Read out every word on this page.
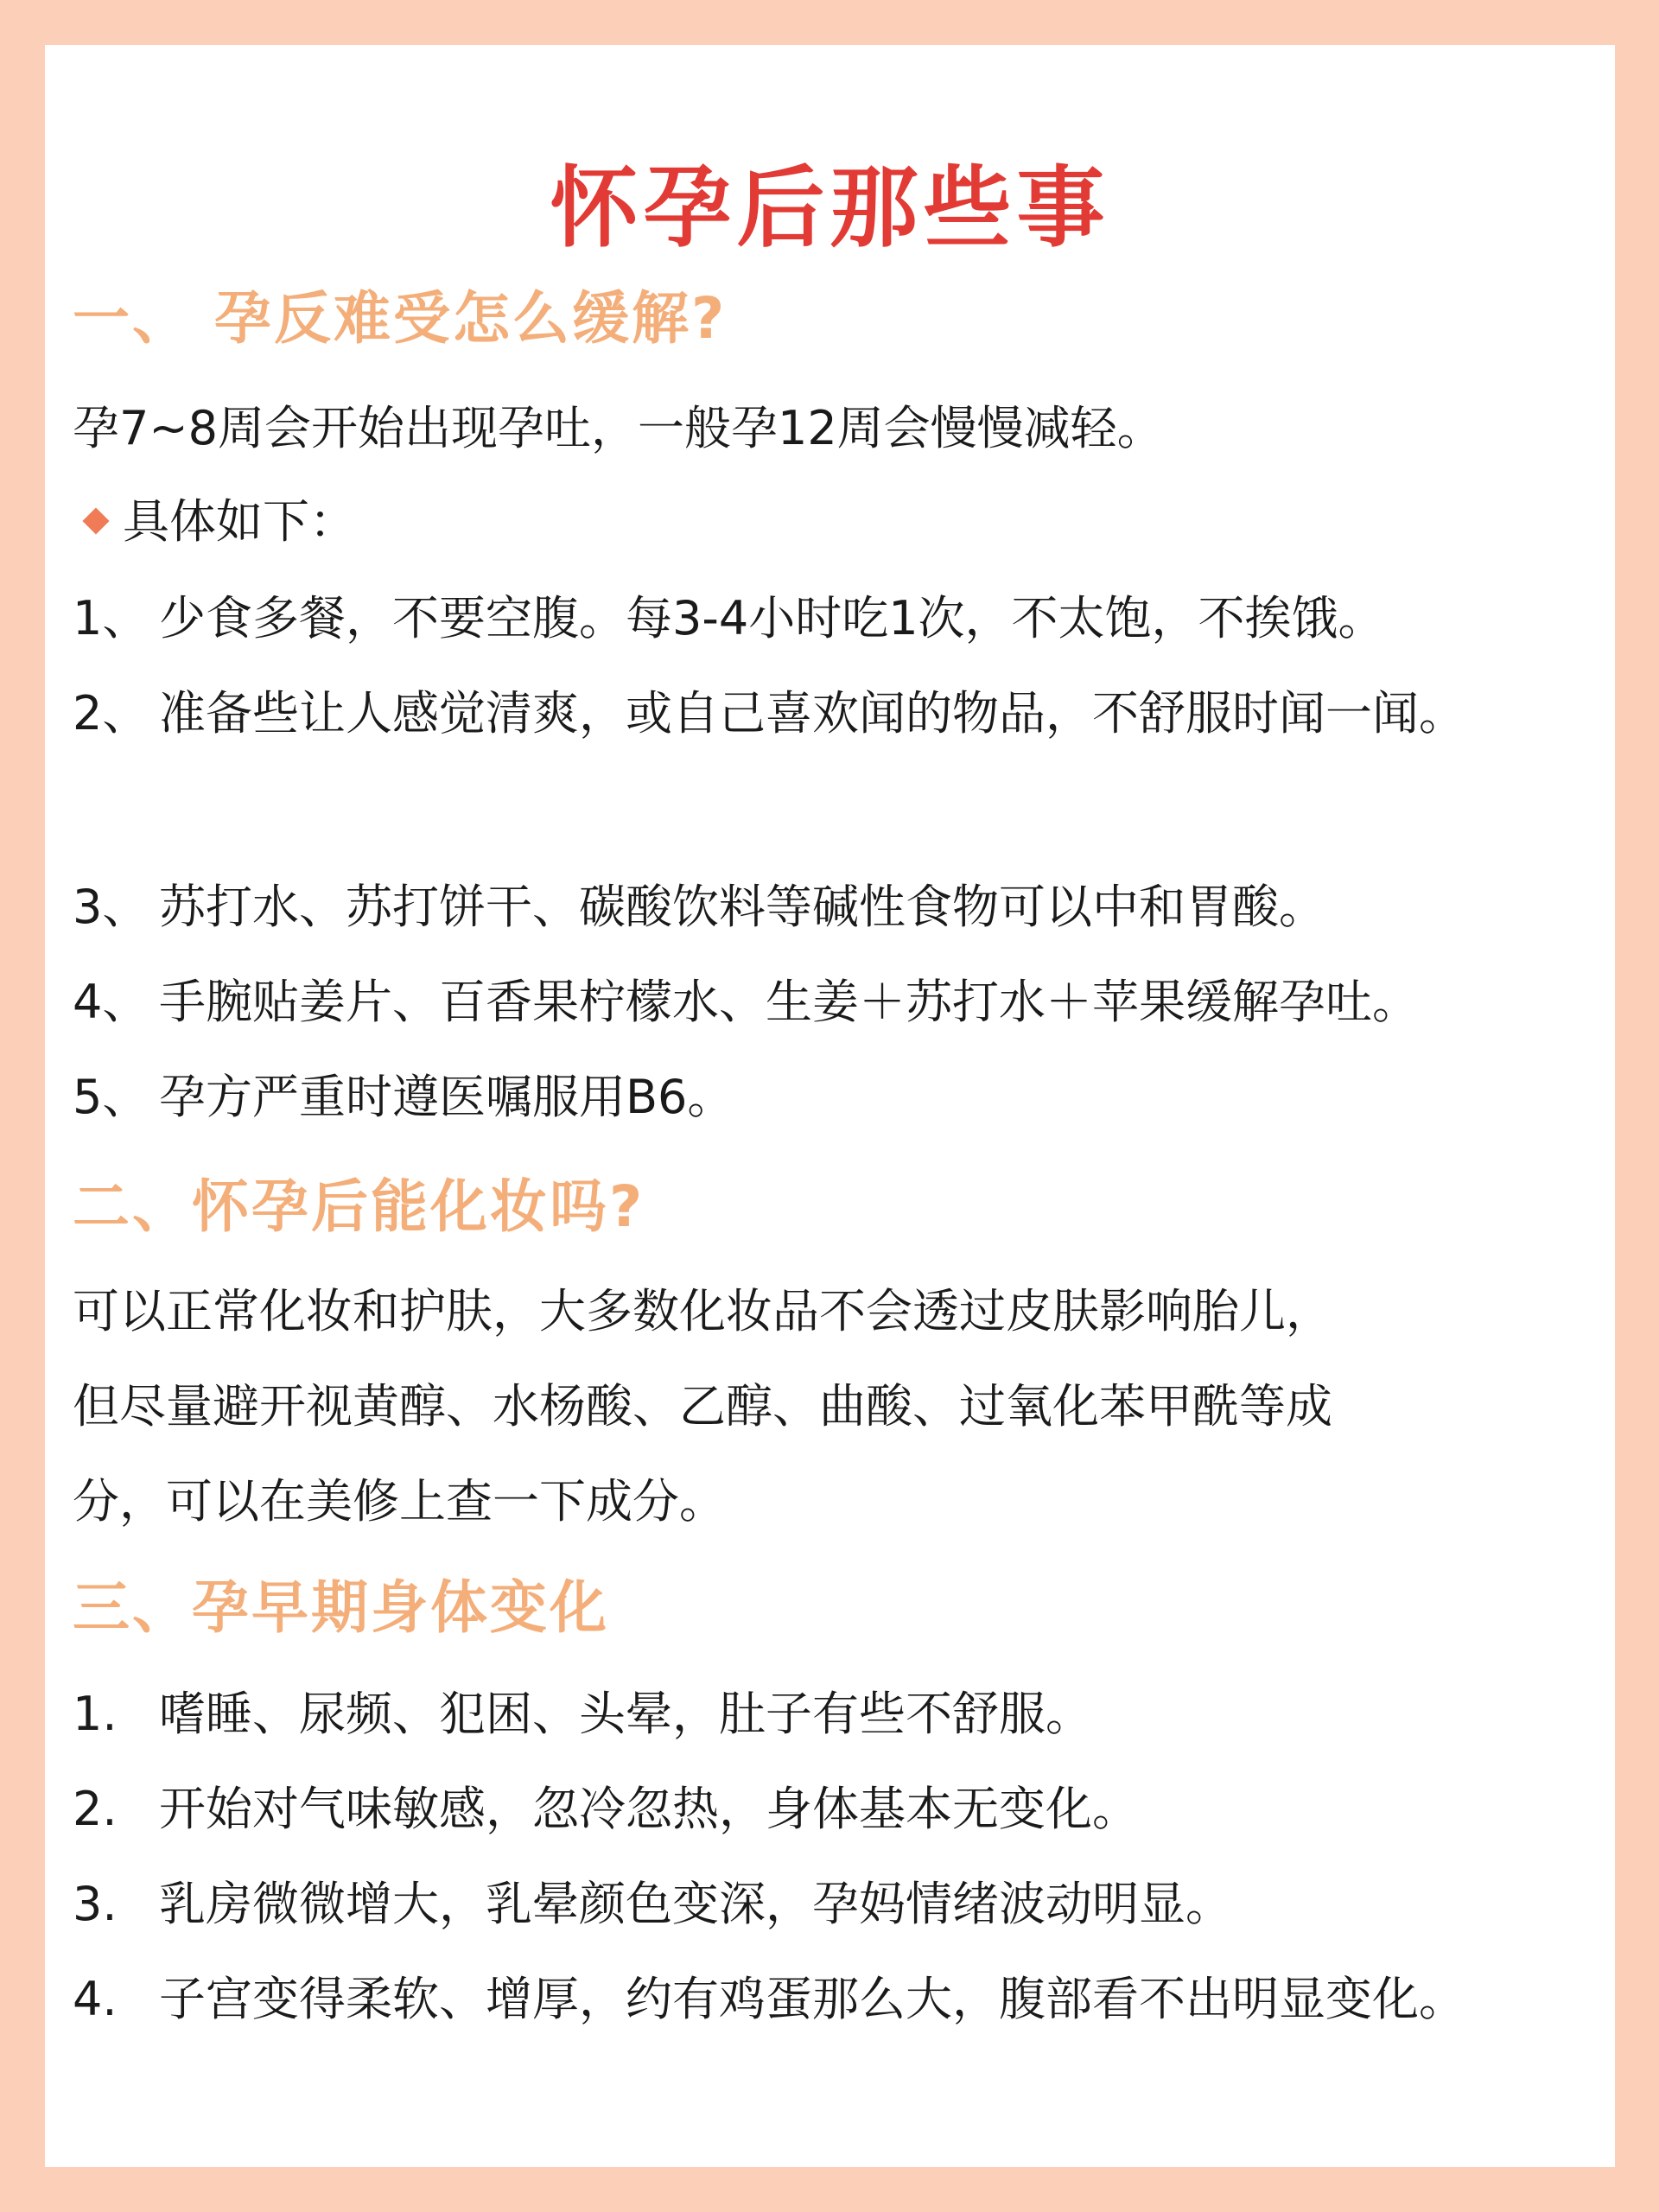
怀孕后那些事
一、 孕反难受怎么缓解?
孕7~8周会开始出现孕吐，一般孕12周会慢慢减轻。
具体如下：
1、 少食多餐，不要空腹。每3-4小时吃1次，不太饱，不挨饿。
2、 准备些让人感觉清爽，或自己喜欢闻的物品，不舒服时闻一闻。
3、 苏打水、苏打饼干、碳酸饮料等碱性食物可以中和胃酸。
4、 手腕贴姜片、百香果柠檬水、生姜＋苏打水＋苹果缓解孕吐。
5、 孕方严重时遵医嘱服用B6。
二、怀孕后能化妆吗?
可以正常化妆和护肤，大多数化妆品不会透过皮肤影响胎儿，
但尽量避开视黄醇、水杨酸、乙醇、曲酸、过氧化苯甲酰等成
分，可以在美修上查一下成分。
三、孕早期身体变化
1. 嗜睡、尿频、犯困、头晕，肚子有些不舒服。
2. 开始对气味敏感，忽冷忽热，身体基本无变化。
3. 乳房微微增大，乳晕颜色变深，孕妈情绪波动明显。
4. 子宫变得柔软、增厚，约有鸡蛋那么大，腹部看不出明显变化。
